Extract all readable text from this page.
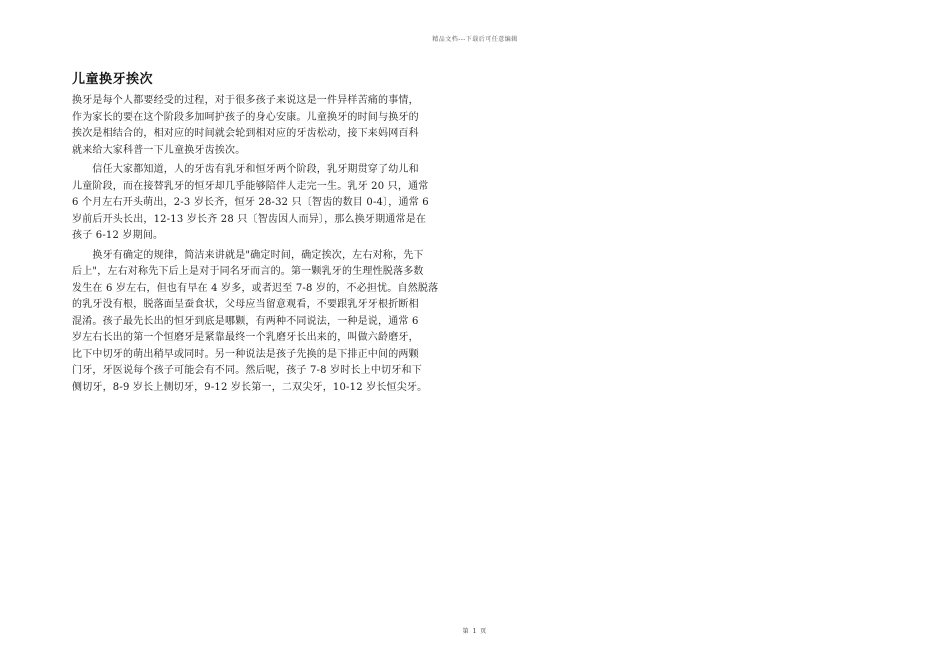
精品文档---下载后可任意编辑
儿童换牙挨次
换牙是每个人都要经受的过程，对于很多孩子来说这是一件异样苦痛的事情，
作为家长的要在这个阶段多加呵护孩子的身心安康。儿童换牙的时间与换牙的
挨次是相结合的，相对应的时间就会轮到相对应的牙齿松动，接下来妈网百科
就来给大家科普一下儿童换牙齿挨次。
　　信任大家都知道，人的牙齿有乳牙和恒牙两个阶段，乳牙期贯穿了幼儿和
儿童阶段，而在接替乳牙的恒牙却几乎能够陪伴人走完一生。乳牙 20 只，通常
6 个月左右开头萌出，2-3 岁长齐，恒牙 28-32 只〔智齿的数目 0-4〕，通常 6
岁前后开头长出，12-13 岁长齐 28 只〔智齿因人而异〕，那么换牙期通常是在
孩子 6-12 岁期间。
　　换牙有确定的规律，简洁来讲就是"确定时间，确定挨次，左右对称，先下
后上"，左右对称先下后上是对于同名牙而言的。第一颗乳牙的生理性脱落多数
发生在 6 岁左右，但也有早在 4 岁多，或者迟至 7-8 岁的，不必担忧。自然脱落
的乳牙没有根，脱落面呈蚕食状，父母应当留意观看，不要跟乳牙牙根折断相
混淆。孩子最先长出的恒牙到底是哪颗，有两种不同说法，一种是说，通常 6
岁左右长出的第一个恒磨牙是紧靠最终一个乳磨牙长出来的，叫做六龄磨牙，
比下中切牙的萌出稍早或同时。另一种说法是孩子先换的是下排正中间的两颗
门牙，牙医说每个孩子可能会有不同。然后呢，孩子 7-8 岁时长上中切牙和下
侧切牙，8-9 岁长上侧切牙，9-12 岁长第一，二双尖牙，10-12 岁长恒尖牙。
第 1 页
